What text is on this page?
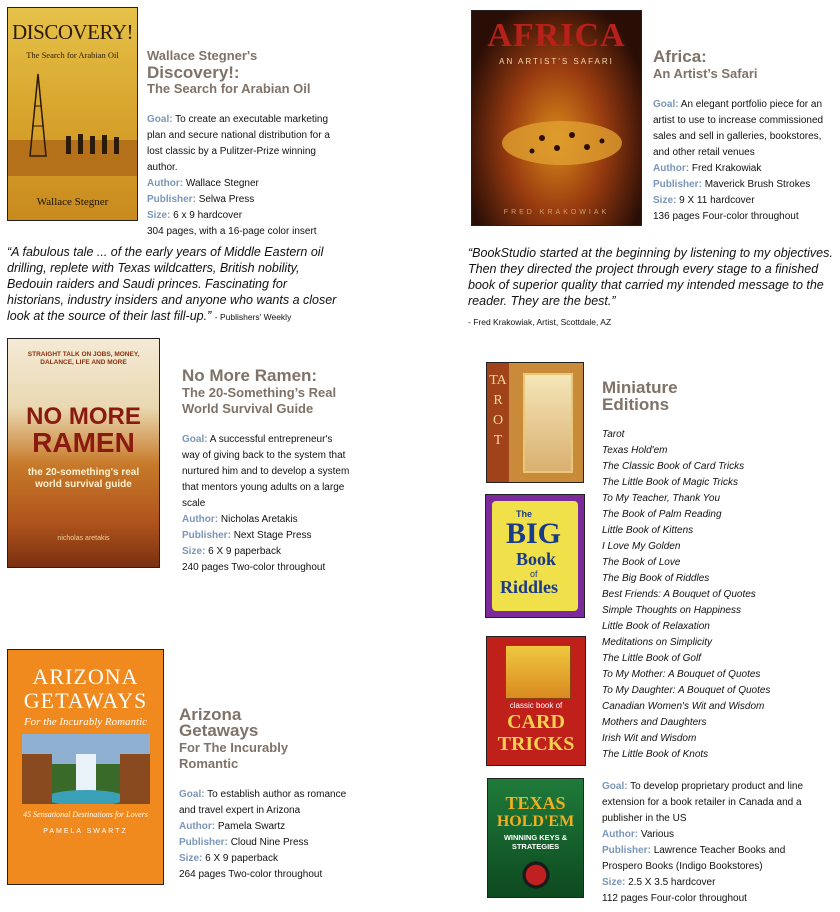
DISCOVERY!
The Search for Arabian Oil
Wallace Stegner
Wallace Stegner's
Discovery!:
The Search for Arabian Oil
Goal: To create an executable marketing plan and secure national distribution for a lost classic by a Pulitzer-Prize winning author.
Author: Wallace Stegner
Publisher: Selwa Press
Size: 6 x 9 hardcover
304 pages, with a 16-page color insert
“A fabulous tale ... of the early years of Middle Eastern oil drilling, replete with Texas wildcatters, British nobility, Bedouin raiders and Saudi princes. Fascinating for historians, industry insiders and anyone who wants a closer look at the source of their last fill-up.” - Publishers' Weekly
AFRICA
AN ARTIST'S SAFARI
FRED KRAKOWIAK
Africa:
An Artist’s Safari
Goal: An elegant portfolio piece for an artist to use to increase commissioned sales and sell in galleries, bookstores, and other retail venues
Author: Fred Krakowiak
Publisher: Maverick Brush Strokes
Size: 9 X 11 hardcover
136 pages Four-color throughout
“BookStudio started at the beginning by listening to my objectives. Then they directed the project through every stage to a finished book of superior quality that carried my intended message to the reader. They are the best.”
- Fred Krakowiak, Artist, Scottdale, AZ
STRAIGHT TALK ON JOBS, MONEY, DALANCE, LIFE AND MORE
NO MORE
RAMEN
the 20-something's real world survival guide
nicholas aretakis
No More Ramen:
The 20-Something’s Real
World Survival Guide
Goal: A successful entrepreneur's way of giving back to the system that nurtured him and to develop a system that mentors young adults on a large scale
Author: Nicholas Aretakis
Publisher: Next Stage Press
Size: 6 X 9 paperback
240 pages Two-color throughout
ARIZONA
GETAWAYS
For the Incurably Romantic
45 Sensational Destinations for Lovers
PAMELA SWARTZ
Arizona
Getaways
For The Incurably
Romantic
Goal: To establish author as romance and travel expert in Arizona
Author: Pamela Swartz
Publisher: Cloud Nine Press
Size: 6 X 9 paperback
264 pages Two-color throughout
TAROT
The
BIG
Book
of
Riddles
classic book of
CARD
TRICKS
TEXAS
HOLD'EM
WINNING KEYS & STRATEGIES
Miniature
Editions
Tarot
Texas Hold'em
The Classic Book of Card Tricks
The Little Book of Magic Tricks
To My Teacher, Thank You
The Book of Palm Reading
Little Book of Kittens
I Love My Golden
The Book of Love
The Big Book of Riddles
Best Friends: A Bouquet of Quotes
Simple Thoughts on Happiness
Little Book of Relaxation
Meditations on Simplicity
The Little Book of Golf
To My Mother: A Bouquet of Quotes
To My Daughter: A Bouquet of Quotes
Canadian Women's Wit and Wisdom
Mothers and Daughters
Irish Wit and Wisdom
The Little Book of Knots
Goal: To develop proprietary product and line extension for a book retailer in Canada and a publisher in the US
Author: Various
Publisher: Lawrence Teacher Books and Prospero Books (Indigo Bookstores)
Size: 2.5 X 3.5 hardcover
112 pages Four-color throughout
